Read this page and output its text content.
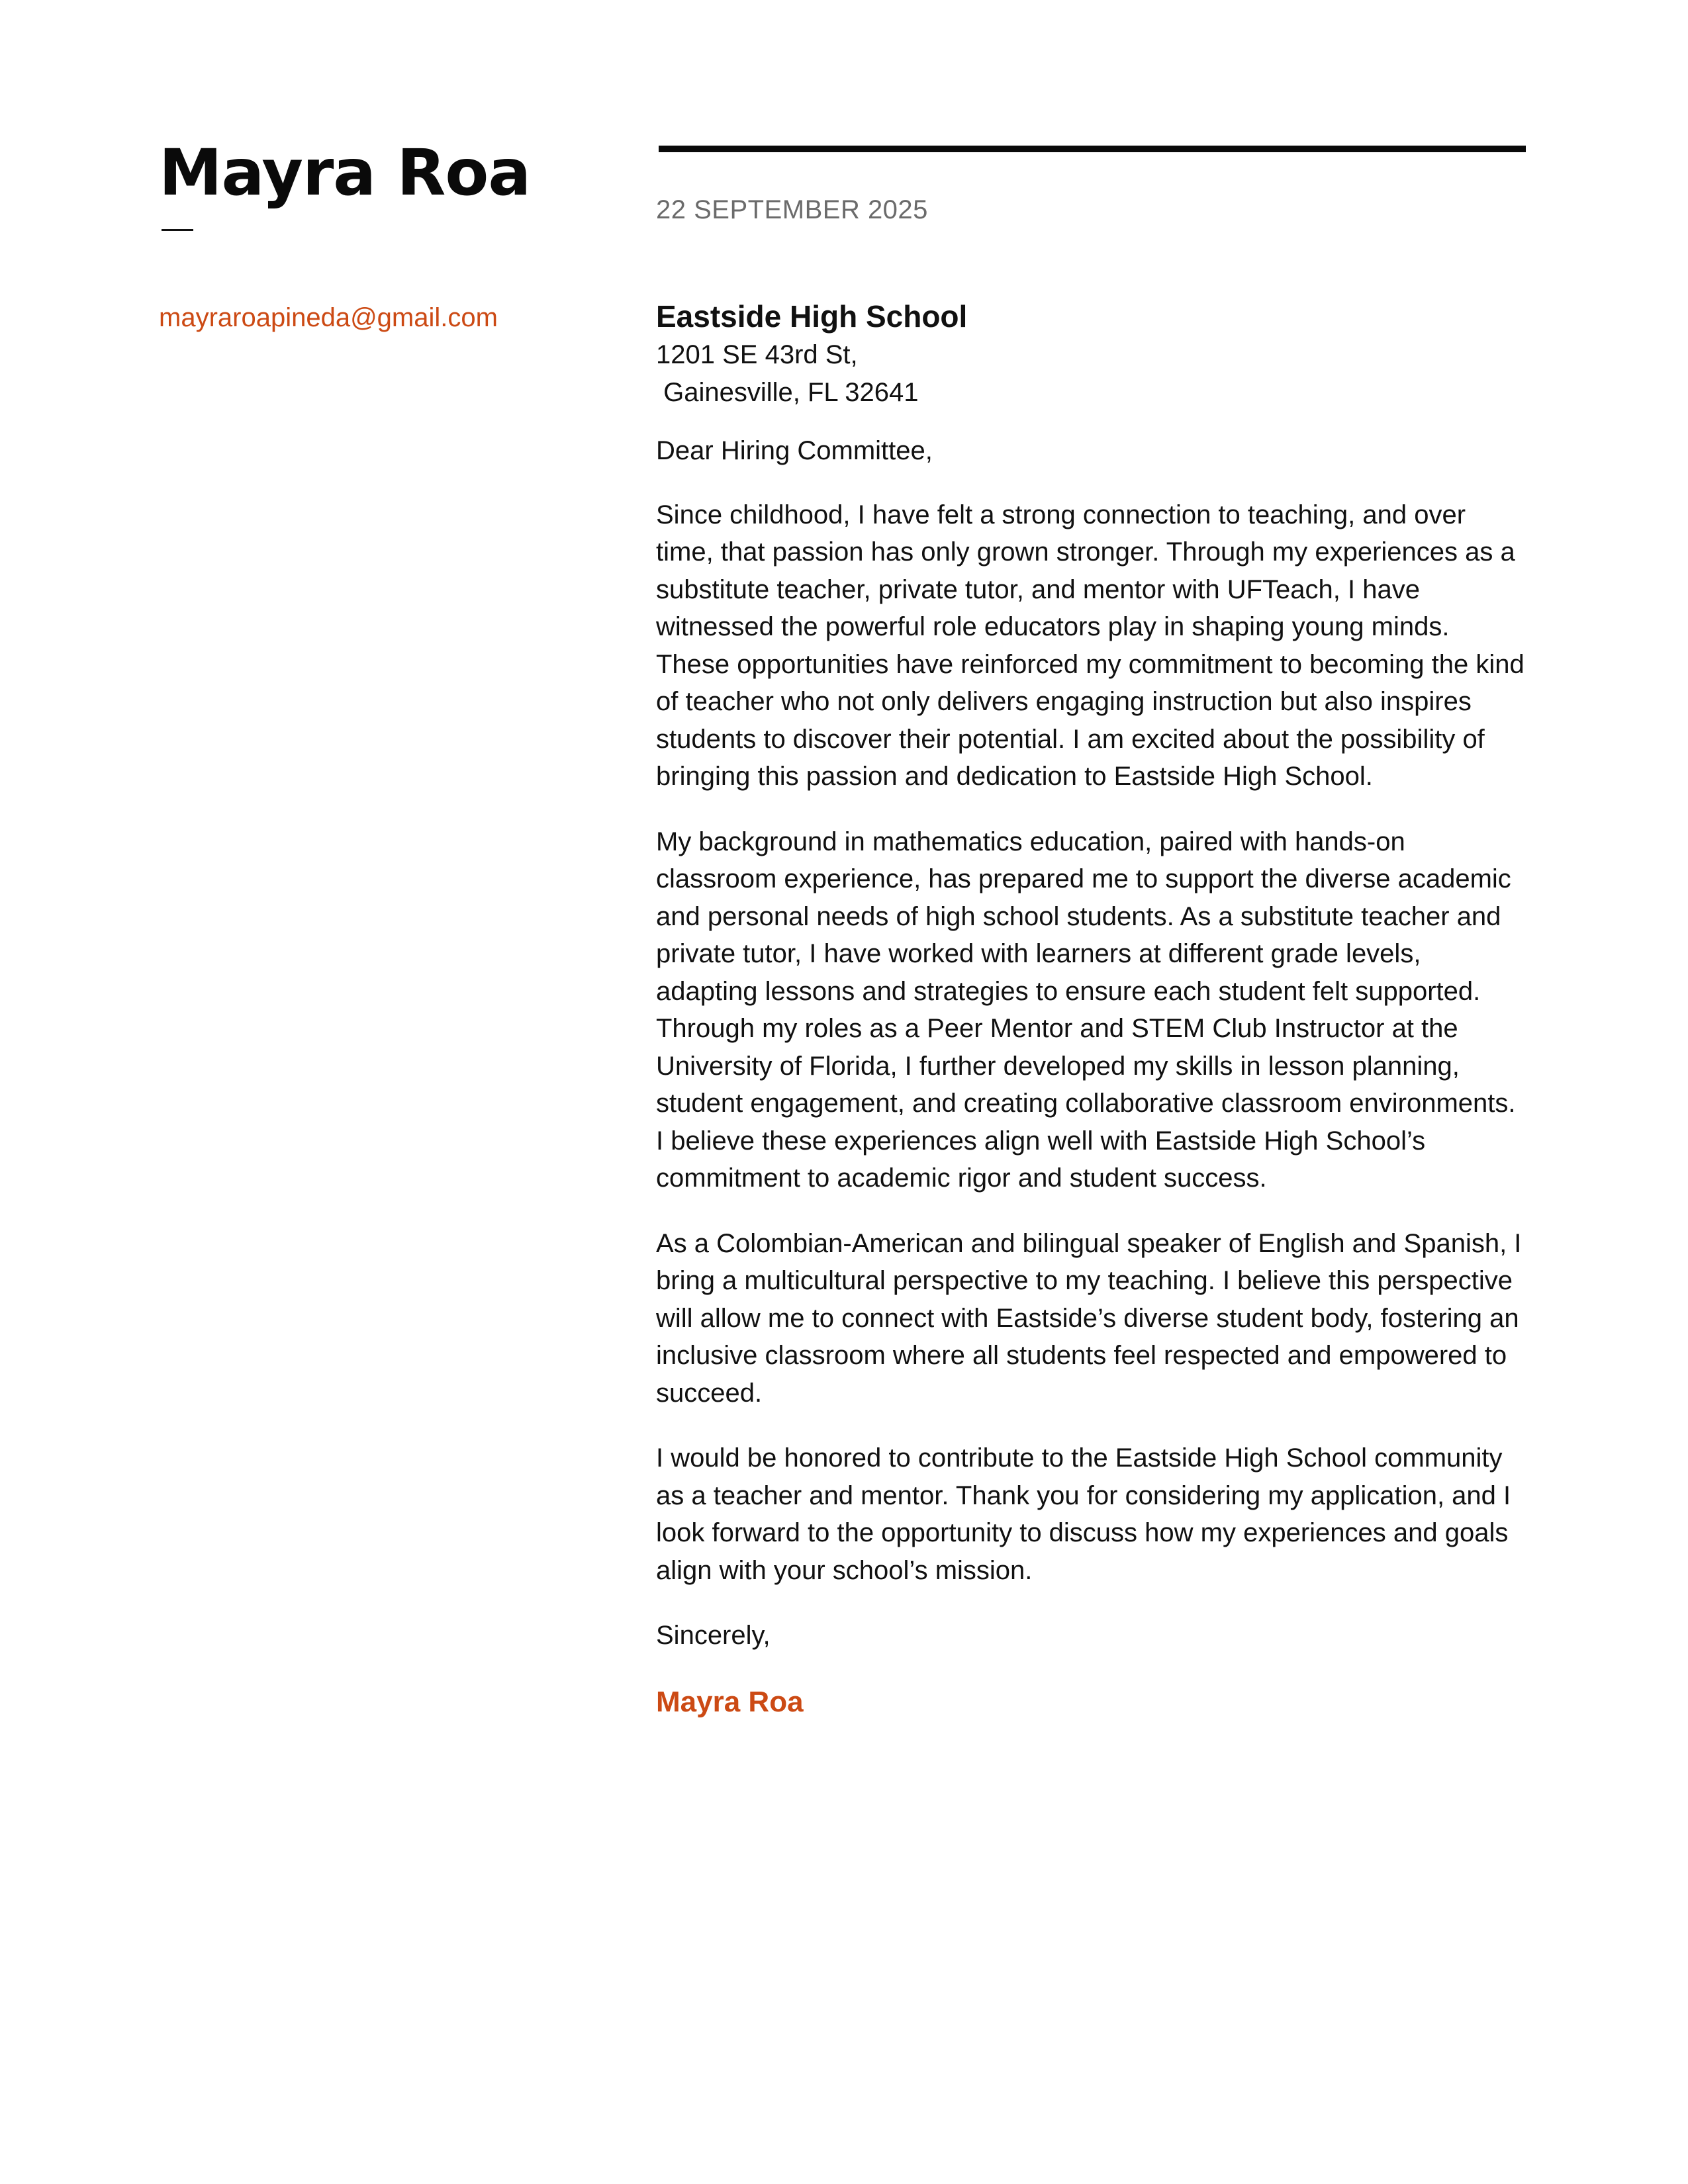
Mayra Roa
mayraroapineda@gmail.com
22 SEPTEMBER 2025

Eastside High School

1201 SE 43rd St,

Gainesville, FL 32641

Dear Hiring Committee,

Since childhood, I have felt a strong connection to teaching, and over time, that passion has only grown stronger. Through my experiences as a substitute teacher, private tutor, and mentor with UFTeach, I have witnessed the powerful role educators play in shaping young minds. These opportunities have reinforced my commitment to becoming the kind of teacher who not only delivers engaging instruction but also inspires students to discover their potential. I am excited about the possibility of bringing this passion and dedication to Eastside High School.

My background in mathematics education, paired with hands-on classroom experience, has prepared me to support the diverse academic and personal needs of high school students. As a substitute teacher and private tutor, I have worked with learners at different grade levels, adapting lessons and strategies to ensure each student felt supported. Through my roles as a Peer Mentor and STEM Club Instructor at the University of Florida, I further developed my skills in lesson planning, student engagement, and creating collaborative classroom environments. I believe these experiences align well with Eastside High School’s commitment to academic rigor and student success.

As a Colombian-American and bilingual speaker of English and Spanish, I bring a multicultural perspective to my teaching. I believe this perspective will allow me to connect with Eastside’s diverse student body, fostering an inclusive classroom where all students feel respected and empowered to succeed.

I would be honored to contribute to the Eastside High School community as a teacher and mentor. Thank you for considering my application, and I look forward to the opportunity to discuss how my experiences and goals align with your school’s mission.

Sincerely,

Mayra Roa
